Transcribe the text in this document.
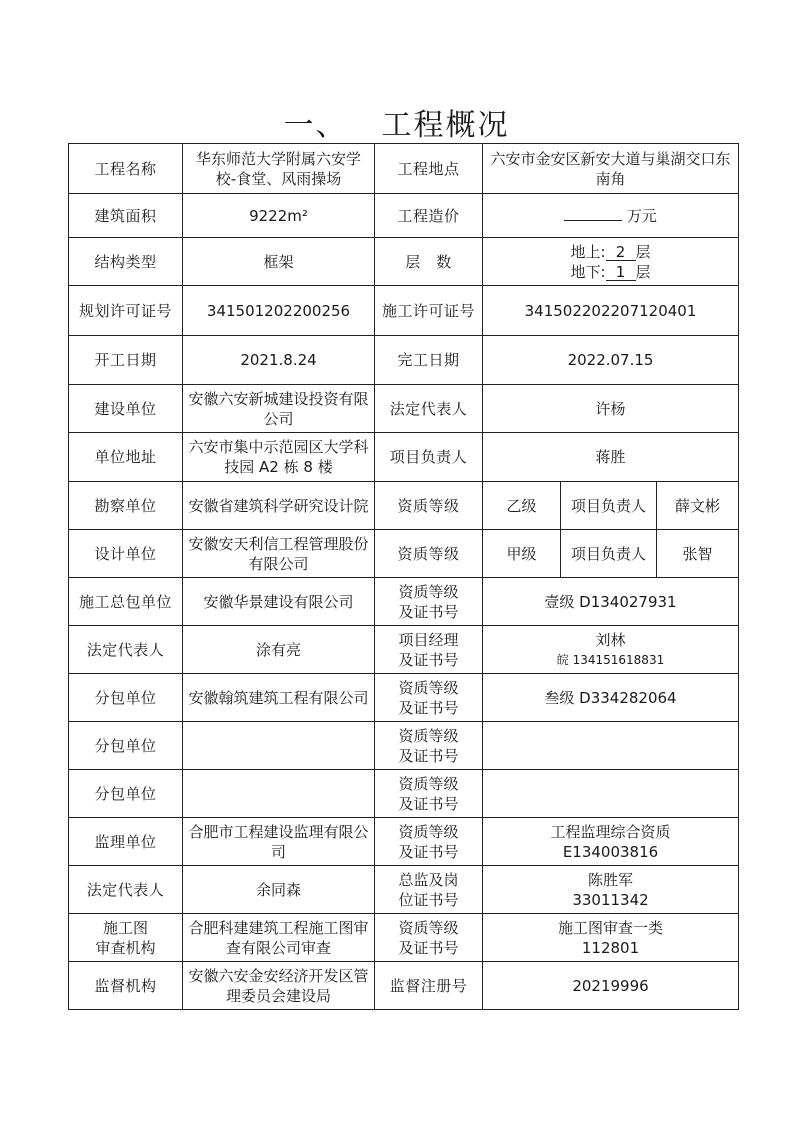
一、 工程概况
工程名称	华东师范大学附属六安学校-食堂、风雨操场	工程地点	六安市金安区新安大道与巢湖交口东南角		
建筑面积	9222m²	工程造价	万元		
结构类型	框架	层　数	地上: 2 层
地下: 1 层		

规划许可证号	341501202200256	施工许可证号	341502202207120401		
开工日期	2021.8.24	完工日期	2022.07.15		
建设单位	安徽六安新城建设投资有限公司	法定代表人	许杨		
单位地址	六安市集中示范园区大学科技园 A2 栋 8 楼	项目负责人	蒋胜		
勘察单位	安徽省建筑科学研究设计院	资质等级	乙级	项目负责人	薛文彬
设计单位	安徽安天利信工程管理股份有限公司	资质等级	甲级	项目负责人	张智
施工总包单位	安徽华景建设有限公司	资质等级
及证书号	壹级 D134027931		
法定代表人	涂有亮	项目经理
及证书号	刘林
皖 134151618831		

分包单位	安徽翰筑建筑工程有限公司	资质等级
及证书号	叁级 D334282064		
分包单位		资质等级
及证书号			

分包单位		资质等级
及证书号			

监理单位	合肥市工程建设监理有限公司	资质等级
及证书号	工程监理综合资质
E134003816		

法定代表人	余同森	总监及岗
位证书号	陈胜军
33011342		

施工图
审查机构	合肥科建建筑工程施工图审查有限公司审查	资质等级
及证书号	施工图审查一类
112801		

监督机构	安徽六安金安经济开发区管理委员会建设局	监督注册号	20219996		
